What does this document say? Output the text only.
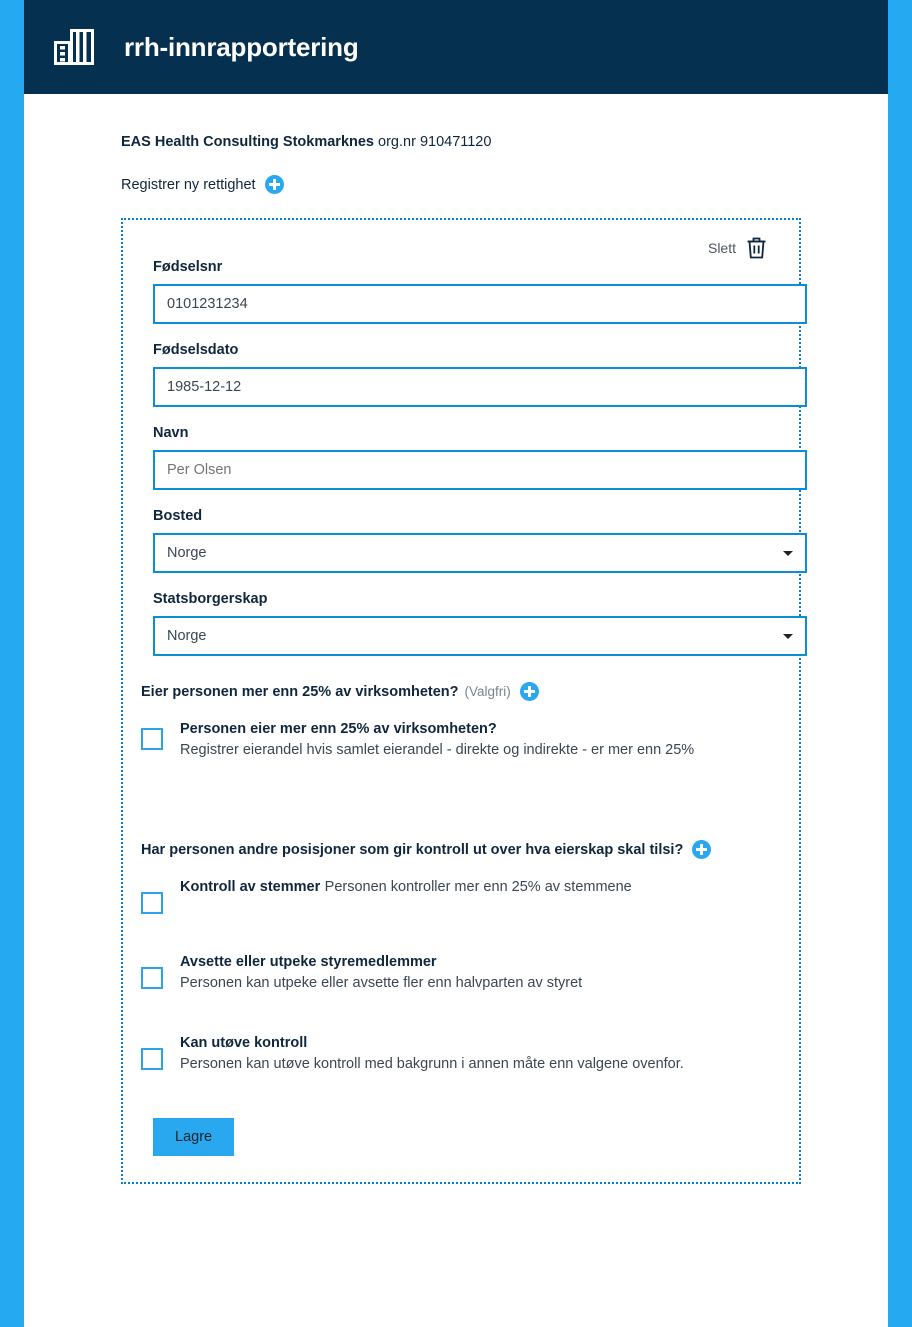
rrh-innrapportering

EAS Health Consulting Stokmarknes org.nr 910471120

Registrer ny rettighet
Slett
Fødselsnr
0101231234
Fødselsdato
1985-12-12
Navn
Per Olsen
Bosted
Norge
Statsborgerskap
Norge
Eier personen mer enn 25% av virksomheten? (Valgfri)
Personen eier mer enn 25% av virksomheten? Registrer eierandel hvis samlet eierandel - direkte og indirekte - er mer enn 25%
Har personen andre posisjoner som gir kontroll ut over hva eierskap skal tilsi?
Kontroll av stemmer Personen kontroller mer enn 25% av stemmene
Avsette eller utpeke styremedlemmer Personen kan utpeke eller avsette fler enn halvparten av styret
Kan utøve kontroll Personen kan utøve kontroll med bakgrunn i annen måte enn valgene ovenfor.
Lagre
